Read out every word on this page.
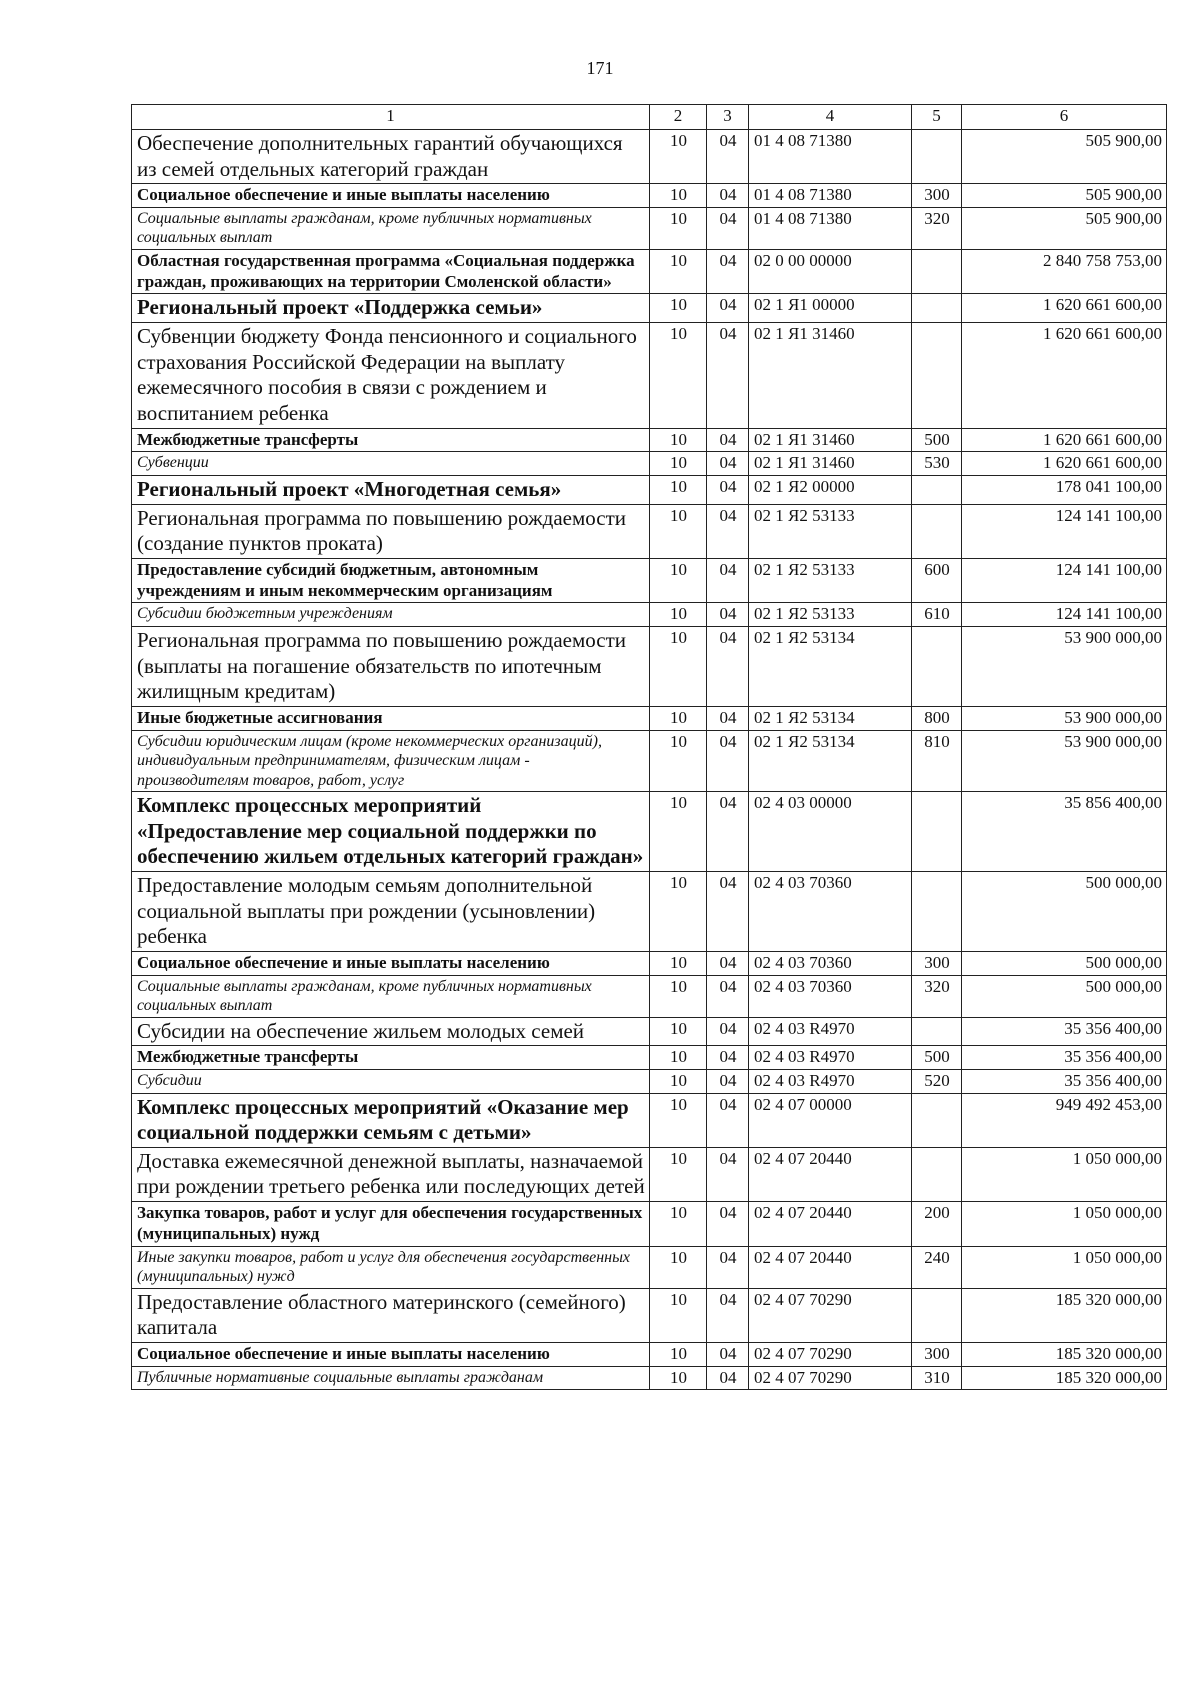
171
1	2	3	4	5	6
Обеспечение дополнительных гарантий обучающихся из семей отдельных категорий граждан	10	04	01 4 08 71380		505 900,00
Социальное обеспечение и иные выплаты населению	10	04	01 4 08 71380	300	505 900,00
Социальные выплаты гражданам, кроме публичных нормативных социальных выплат	10	04	01 4 08 71380	320	505 900,00
Областная государственная программа «Социальная поддержка граждан, проживающих на территории Смоленской области»	10	04	02 0 00 00000		2 840 758 753,00
Региональный проект «Поддержка семьи»	10	04	02 1 Я1 00000		1 620 661 600,00
Субвенции бюджету Фонда пенсионного и социального страхования Российской Федерации на выплату ежемесячного пособия в связи с рождением и воспитанием ребенка	10	04	02 1 Я1 31460		1 620 661 600,00
Межбюджетные трансферты	10	04	02 1 Я1 31460	500	1 620 661 600,00
Субвенции	10	04	02 1 Я1 31460	530	1 620 661 600,00
Региональный проект «Многодетная семья»	10	04	02 1 Я2 00000		178 041 100,00
Региональная программа по повышению рождаемости (создание пунктов проката)	10	04	02 1 Я2 53133		124 141 100,00
Предоставление субсидий бюджетным, автономным учреждениям и иным некоммерческим организациям	10	04	02 1 Я2 53133	600	124 141 100,00
Субсидии бюджетным учреждениям	10	04	02 1 Я2 53133	610	124 141 100,00
Региональная программа по повышению рождаемости (выплаты на погашение обязательств по ипотечным жилищным кредитам)	10	04	02 1 Я2 53134		53 900 000,00
Иные бюджетные ассигнования	10	04	02 1 Я2 53134	800	53 900 000,00
Субсидии юридическим лицам (кроме некоммерческих организаций), индивидуальным предпринимателям, физическим лицам - производителям товаров, работ, услуг	10	04	02 1 Я2 53134	810	53 900 000,00
Комплекс процессных мероприятий «Предоставление мер социальной поддержки по обеспечению жильем отдельных категорий граждан»	10	04	02 4 03 00000		35 856 400,00
Предоставление молодым семьям дополнительной социальной выплаты при рождении (усыновлении) ребенка	10	04	02 4 03 70360		500 000,00
Социальное обеспечение и иные выплаты населению	10	04	02 4 03 70360	300	500 000,00
Социальные выплаты гражданам, кроме публичных нормативных социальных выплат	10	04	02 4 03 70360	320	500 000,00
Субсидии на обеспечение жильем молодых семей	10	04	02 4 03 R4970		35 356 400,00
Межбюджетные трансферты	10	04	02 4 03 R4970	500	35 356 400,00
Субсидии	10	04	02 4 03 R4970	520	35 356 400,00
Комплекс процессных мероприятий «Оказание мер социальной поддержки семьям с детьми»	10	04	02 4 07 00000		949 492 453,00
Доставка ежемесячной денежной выплаты, назначаемой при рождении третьего ребенка или последующих детей	10	04	02 4 07 20440		1 050 000,00
Закупка товаров, работ и услуг для обеспечения государственных (муниципальных) нужд	10	04	02 4 07 20440	200	1 050 000,00
Иные закупки товаров, работ и услуг для обеспечения государственных (муниципальных) нужд	10	04	02 4 07 20440	240	1 050 000,00
Предоставление областного материнского (семейного) капитала	10	04	02 4 07 70290		185 320 000,00
Социальное обеспечение и иные выплаты населению	10	04	02 4 07 70290	300	185 320 000,00
Публичные нормативные социальные выплаты гражданам	10	04	02 4 07 70290	310	185 320 000,00
